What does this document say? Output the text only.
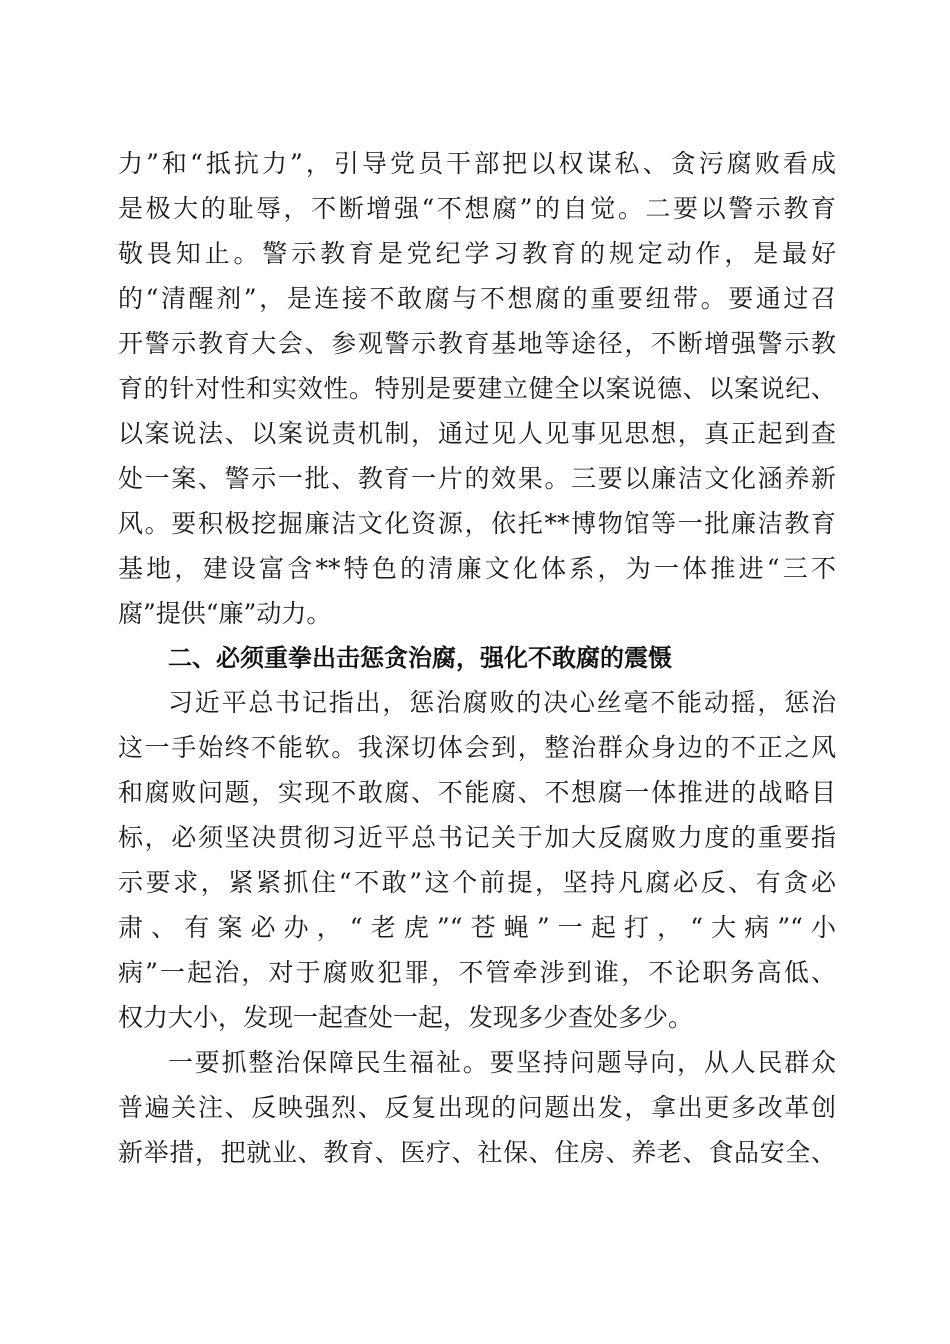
力”和“抵抗力”，引导党员干部把以权谋私、贪污腐败看成
是极大的耻辱，不断增强“不想腐”的自觉。二要以警示教育
敬畏知止。警示教育是党纪学习教育的规定动作，是最好
的“清醒剂”，是连接不敢腐与不想腐的重要纽带。要通过召
开警示教育大会、参观警示教育基地等途径，不断增强警示教
育的针对性和实效性。特别是要建立健全以案说德、以案说纪、
以案说法、以案说责机制，通过见人见事见思想，真正起到查
处一案、警示一批、教育一片的效果。三要以廉洁文化涵养新
风。要积极挖掘廉洁文化资源，依托**博物馆等一批廉洁教育
基地，建设富含**特色的清廉文化体系，为一体推进“三不
腐”提供“廉”动力。
二、必须重拳出击惩贪治腐，强化不敢腐的震慑
习近平总书记指出，惩治腐败的决心丝毫不能动摇，惩治
这一手始终不能软。我深切体会到，整治群众身边的不正之风
和腐败问题，实现不敢腐、不能腐、不想腐一体推进的战略目
标，必须坚决贯彻习近平总书记关于加大反腐败力度的重要指
示要求，紧紧抓住“不敢”这个前提，坚持凡腐必反、有贪必
肃、有案必办，“老虎”“苍蝇”一起打，“大病”“小
病”一起治，对于腐败犯罪，不管牵涉到谁，不论职务高低、
权力大小，发现一起查处一起，发现多少查处多少。
一要抓整治保障民生福祉。要坚持问题导向，从人民群众
普遍关注、反映强烈、反复出现的问题出发，拿出更多改革创
新举措，把就业、教育、医疗、社保、住房、养老、食品安全、
